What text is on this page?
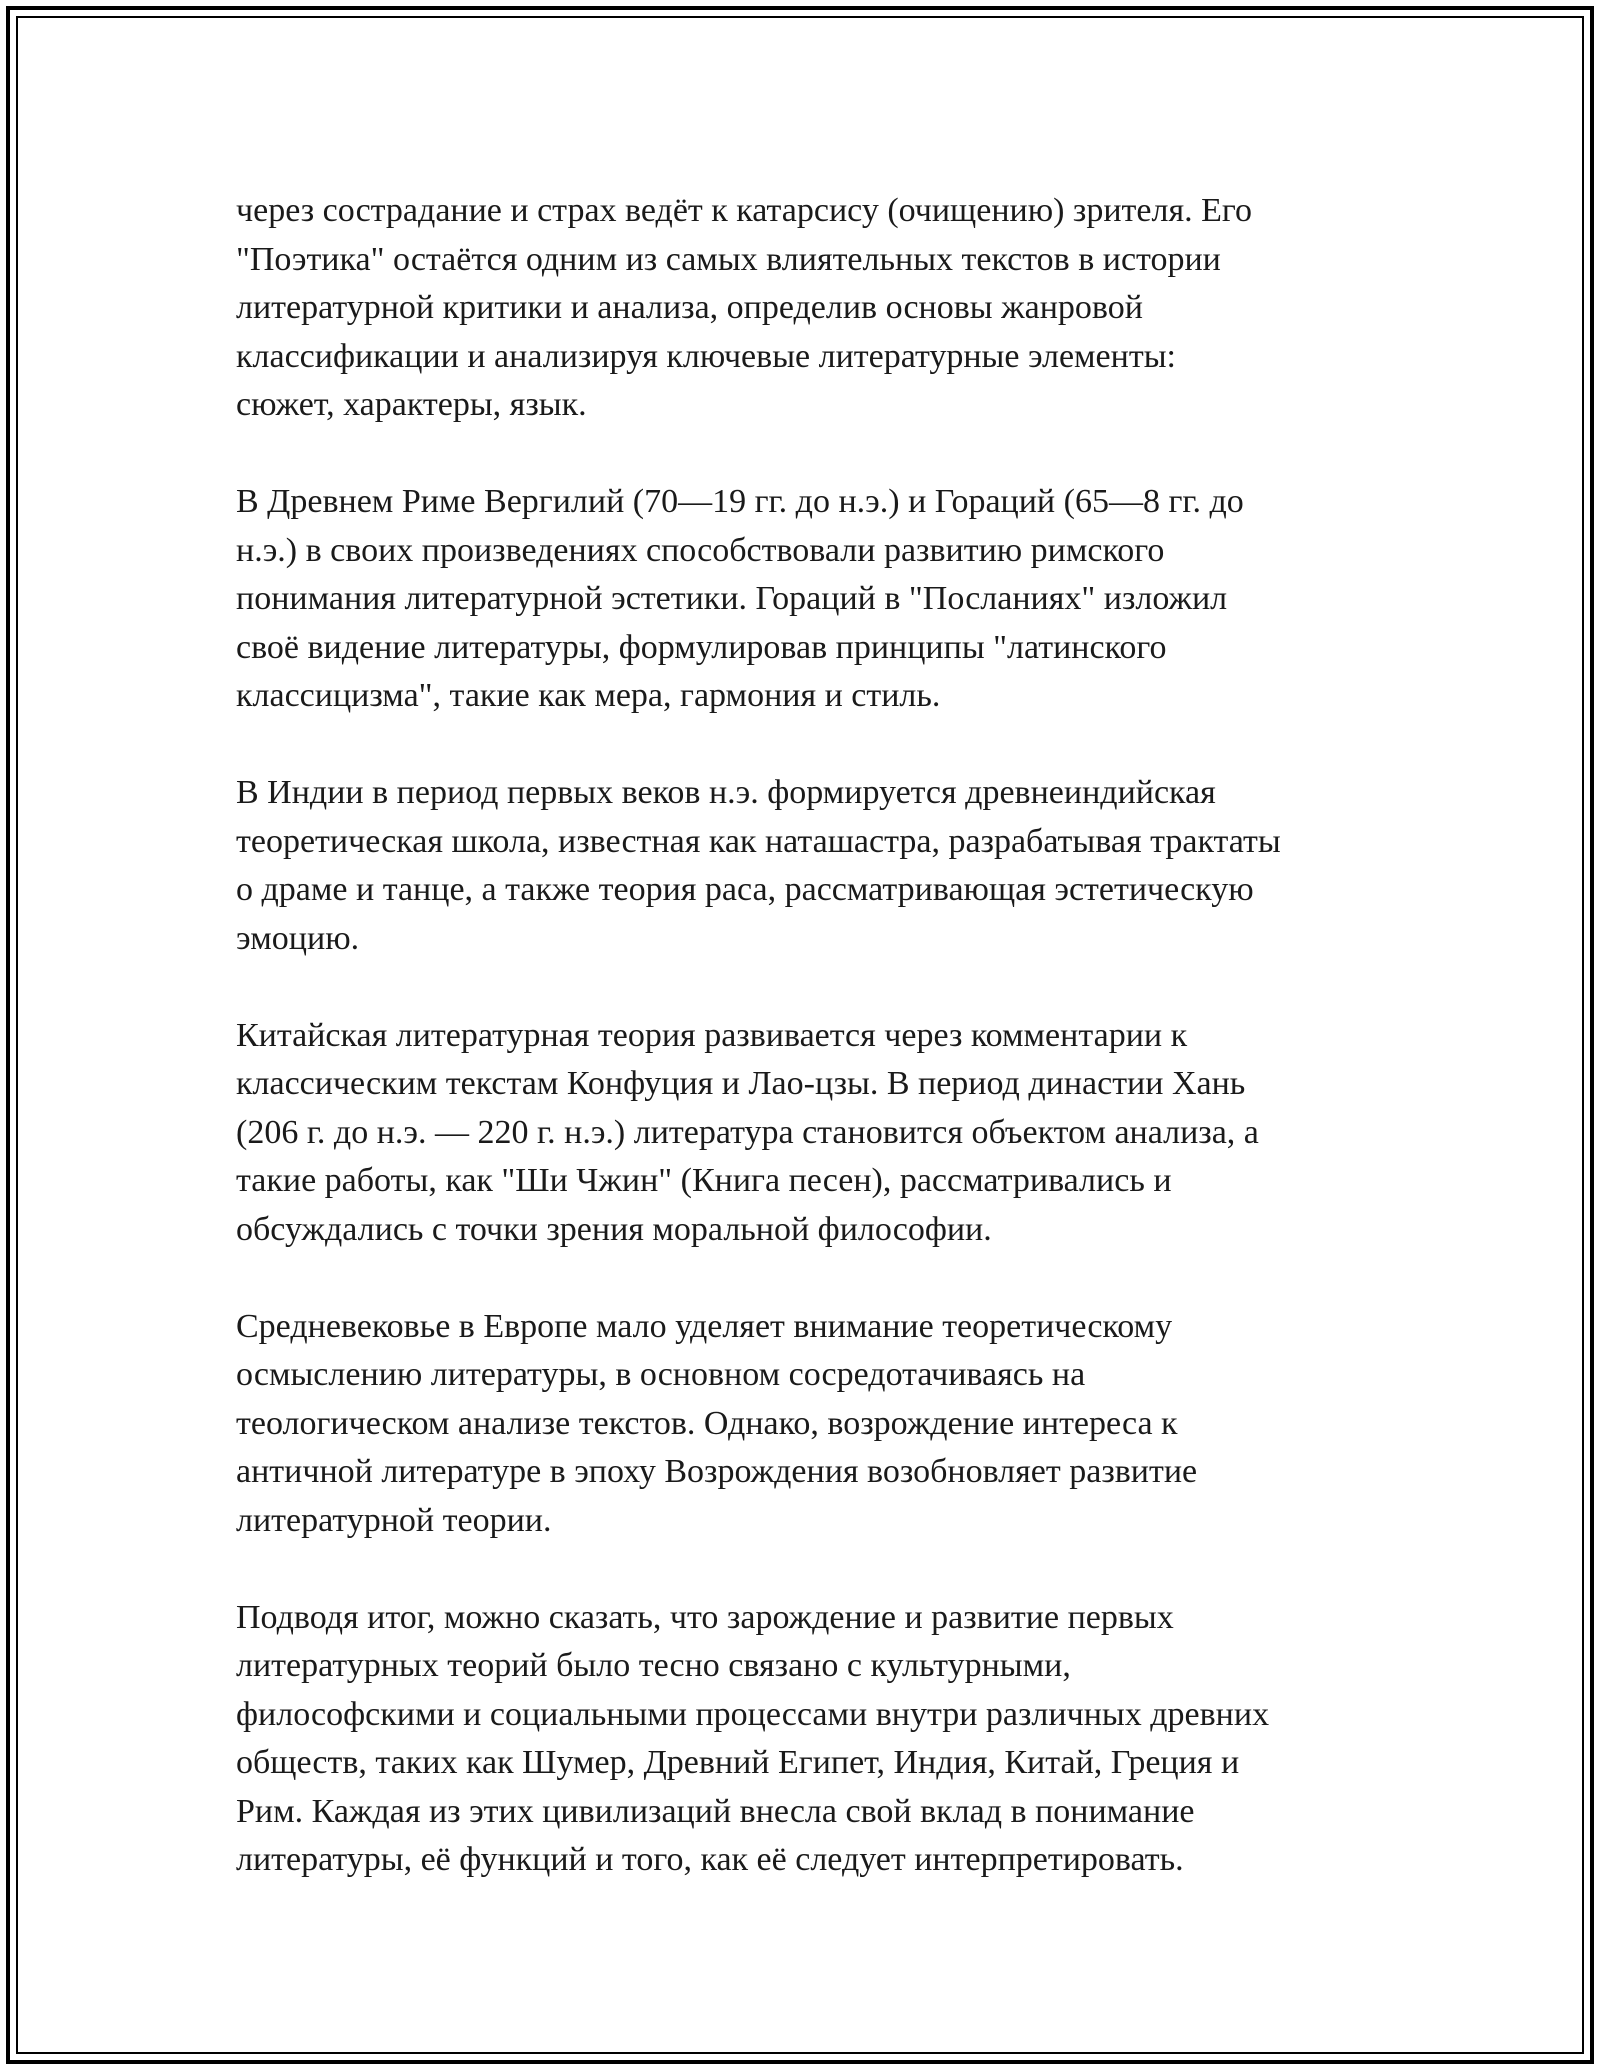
через сострадание и страх ведёт к катарсису (очищению) зрителя. Его
"Поэтика" остаётся одним из самых влиятельных текстов в истории
литературной критики и анализа, определив основы жанровой
классификации и анализируя ключевые литературные элементы:
сюжет, характеры, язык.

В Древнем Риме Вергилий (70—19 гг. до н.э.) и Гораций (65—8 гг. до
н.э.) в своих произведениях способствовали развитию римского
понимания литературной эстетики. Гораций в "Посланиях" изложил
своё видение литературы, формулировав принципы "латинского
классицизма", такие как мера, гармония и стиль.

В Индии в период первых веков н.э. формируется древнеиндийская
теоретическая школа, известная как наташастра, разрабатывая трактаты
о драме и танце, а также теория раса, рассматривающая эстетическую
эмоцию.

Китайская литературная теория развивается через комментарии к
классическим текстам Конфуция и Лао-цзы. В период династии Хань
(206 г. до н.э. — 220 г. н.э.) литература становится объектом анализа, а
такие работы, как "Ши Чжин" (Книга песен), рассматривались и
обсуждались с точки зрения моральной философии.

Средневековье в Европе мало уделяет внимание теоретическому
осмыслению литературы, в основном сосредотачиваясь на
теологическом анализе текстов. Однако, возрождение интереса к
античной литературе в эпоху Возрождения возобновляет развитие
литературной теории.

Подводя итог, можно сказать, что зарождение и развитие первых
литературных теорий было тесно связано с культурными,
философскими и социальными процессами внутри различных древних
обществ, таких как Шумер, Древний Египет, Индия, Китай, Греция и
Рим. Каждая из этих цивилизаций внесла свой вклад в понимание
литературы, её функций и того, как её следует интерпретировать.
